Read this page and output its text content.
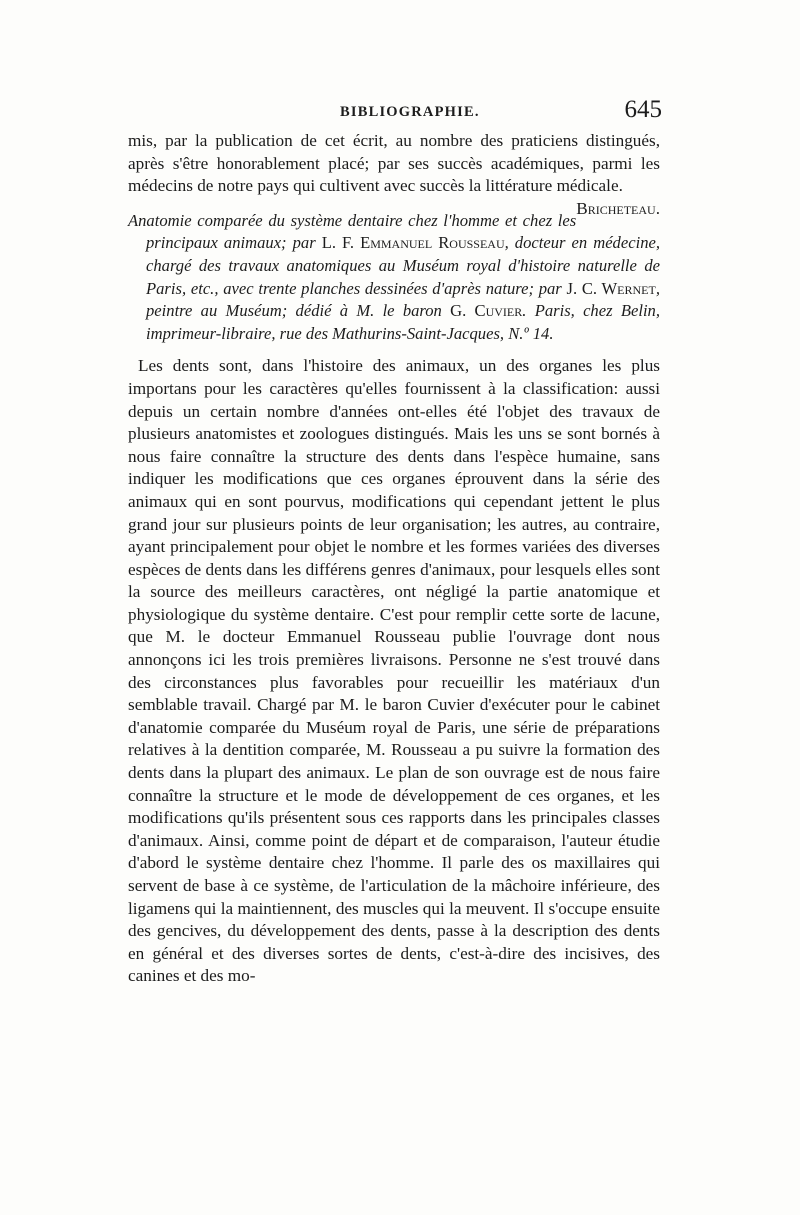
BIBLIOGRAPHIE.	645

mis, par la publication de cet écrit, au nombre des praticiens distingués, après s'être honorablement placé; par ses succès académiques, parmi les médecins de notre pays qui cultivent avec succès la littérature médicale.
Bricheteau.

Anatomie comparée du système dentaire chez l'homme et chez les principaux animaux; par L. F. Emmanuel Rousseau, docteur en médecine, chargé des travaux anatomiques au Muséum royal d'histoire naturelle de Paris, etc., avec trente planches dessinées d'après nature; par J. C. Wernet, peintre au Muséum; dédié à M. le baron G. Cuvier. Paris, chez Belin, imprimeur-libraire, rue des Mathurins-Saint-Jacques, N.º 14.

Les dents sont, dans l'histoire des animaux, un des organes les plus importans pour les caractères qu'elles fournissent à la classification: aussi depuis un certain nombre d'années ont-elles été l'objet des travaux de plusieurs anatomistes et zoologues distingués. Mais les uns se sont bornés à nous faire connaître la structure des dents dans l'espèce humaine, sans indiquer les modifications que ces organes éprouvent dans la série des animaux qui en sont pourvus, modifications qui cependant jettent le plus grand jour sur plusieurs points de leur organisation; les autres, au contraire, ayant principalement pour objet le nombre et les formes variées des diverses espèces de dents dans les différens genres d'animaux, pour lesquels elles sont la source des meilleurs caractères, ont négligé la partie anatomique et physiologique du système dentaire. C'est pour remplir cette sorte de lacune, que M. le docteur Emmanuel Rousseau publie l'ouvrage dont nous annonçons ici les trois premières livraisons. Personne ne s'est trouvé dans des circonstances plus favorables pour recueillir les matériaux d'un semblable travail. Chargé par M. le baron Cuvier d'exécuter pour le cabinet d'anatomie comparée du Muséum royal de Paris, une série de préparations relatives à la dentition comparée, M. Rousseau a pu suivre la formation des dents dans la plupart des animaux. Le plan de son ouvrage est de nous faire connaître la structure et le mode de développement de ces organes, et les modifications qu'ils présentent sous ces rapports dans les principales classes d'animaux. Ainsi, comme point de départ et de comparaison, l'auteur étudie d'abord le système dentaire chez l'homme. Il parle des os maxillaires qui servent de base à ce système, de l'articulation de la mâchoire inférieure, des ligamens qui la maintiennent, des muscles qui la meuvent. Il s'occupe ensuite des gencives, du développement des dents, passe à la description des dents en général et des diverses sortes de dents, c'est-à-dire des incisives, des canines et des mo-
